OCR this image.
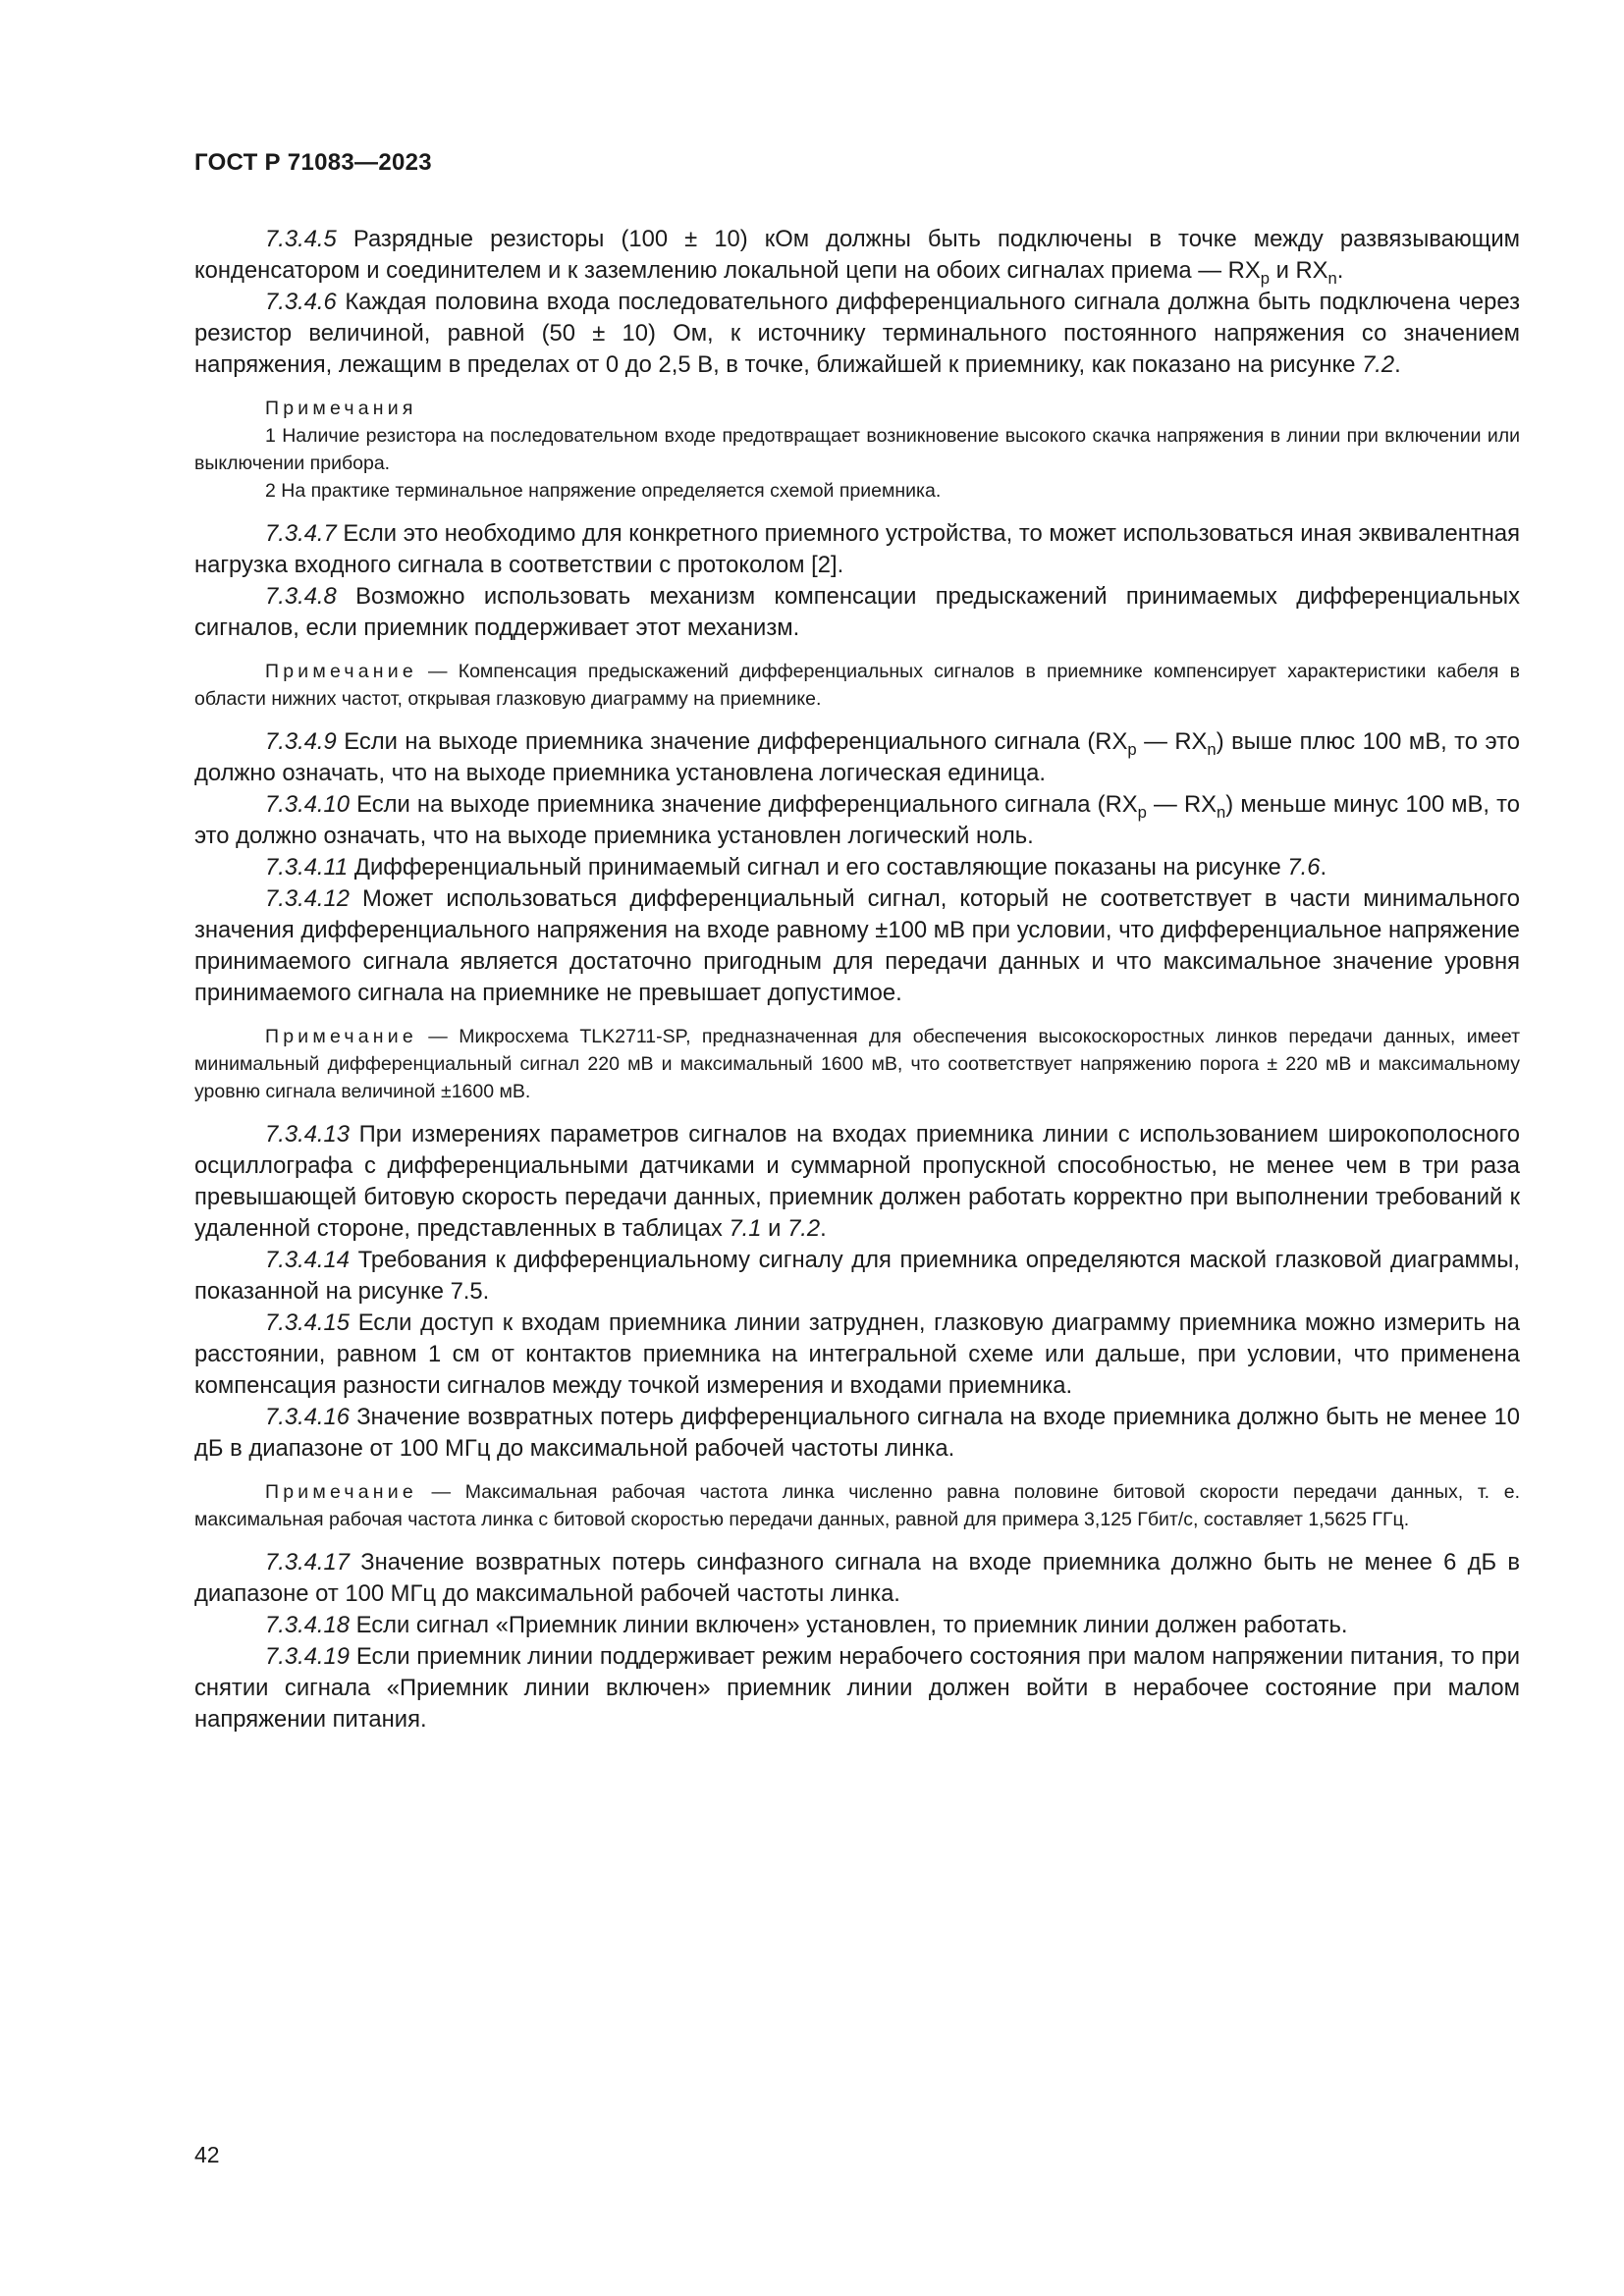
ГОСТ Р 71083—2023

7.3.4.5 Разрядные резисторы (100 ± 10) кОм должны быть подключены в точке между развязывающим конденсатором и соединителем и к заземлению локальной цепи на обоих сигналах приема — $RX_p$ и $RX_n$.

7.3.4.6 Каждая половина входа последовательного дифференциального сигнала должна быть подключена через резистор величиной, равной (50 ± 10) Ом, к источнику терминального постоянного напряжения со значением напряжения, лежащим в пределах от 0 до 2,5 В, в точке, ближайшей к приемнику, как показано на рисунке 7.2.

Примечания

1 Наличие резистора на последовательном входе предотвращает возникновение высокого скачка напряжения в линии при включении или выключении прибора.

2 На практике терминальное напряжение определяется схемой приемника.

7.3.4.7 Если это необходимо для конкретного приемного устройства, то может использоваться иная эквивалентная нагрузка входного сигнала в соответствии с протоколом [2].

7.3.4.8 Возможно использовать механизм компенсации предыскажений принимаемых дифференциальных сигналов, если приемник поддерживает этот механизм.

Примечание — Компенсация предыскажений дифференциальных сигналов в приемнике компенсирует характеристики кабеля в области нижних частот, открывая глазковую диаграмму на приемнике.

7.3.4.9 Если на выходе приемника значение дифференциального сигнала ($RX_p$ — $RX_n$) выше плюс 100 мВ, то это должно означать, что на выходе приемника установлена логическая единица.

7.3.4.10 Если на выходе приемника значение дифференциального сигнала ($RX_p$ — $RX_n$) меньше минус 100 мВ, то это должно означать, что на выходе приемника установлен логический ноль.

7.3.4.11 Дифференциальный принимаемый сигнал и его составляющие показаны на рисунке 7.6.

7.3.4.12 Может использоваться дифференциальный сигнал, который не соответствует в части минимального значения дифференциального напряжения на входе равному ±100 мВ при условии, что дифференциальное напряжение принимаемого сигнала является достаточно пригодным для передачи данных и что максимальное значение уровня принимаемого сигнала на приемнике не превышает допустимое.

Примечание — Микросхема TLK2711-SP, предназначенная для обеспечения высокоскоростных линков передачи данных, имеет минимальный дифференциальный сигнал 220 мВ и максимальный 1600 мВ, что соответствует напряжению порога ± 220 мВ и максимальному уровню сигнала величиной ±1600 мВ.

7.3.4.13 При измерениях параметров сигналов на входах приемника линии с использованием широкополосного осциллографа с дифференциальными датчиками и суммарной пропускной способностью, не менее чем в три раза превышающей битовую скорость передачи данных, приемник должен работать корректно при выполнении требований к удаленной стороне, представленных в таблицах 7.1 и 7.2.

7.3.4.14 Требования к дифференциальному сигналу для приемника определяются маской глазковой диаграммы, показанной на рисунке 7.5.

7.3.4.15 Если доступ к входам приемника линии затруднен, глазковую диаграмму приемника можно измерить на расстоянии, равном 1 см от контактов приемника на интегральной схеме или дальше, при условии, что применена компенсация разности сигналов между точкой измерения и входами приемника.

7.3.4.16 Значение возвратных потерь дифференциального сигнала на входе приемника должно быть не менее 10 дБ в диапазоне от 100 МГц до максимальной рабочей частоты линка.

Примечание — Максимальная рабочая частота линка численно равна половине битовой скорости передачи данных, т. е. максимальная рабочая частота линка с битовой скоростью передачи данных, равной для примера 3,125 Гбит/с, составляет 1,5625 ГГц.

7.3.4.17 Значение возвратных потерь синфазного сигнала на входе приемника должно быть не менее 6 дБ в диапазоне от 100 МГц до максимальной рабочей частоты линка.

7.3.4.18 Если сигнал «Приемник линии включен» установлен, то приемник линии должен работать.

7.3.4.19 Если приемник линии поддерживает режим нерабочего состояния при малом напряжении питания, то при снятии сигнала «Приемник линии включен» приемник линии должен войти в нерабочее состояние при малом напряжении питания.

42
